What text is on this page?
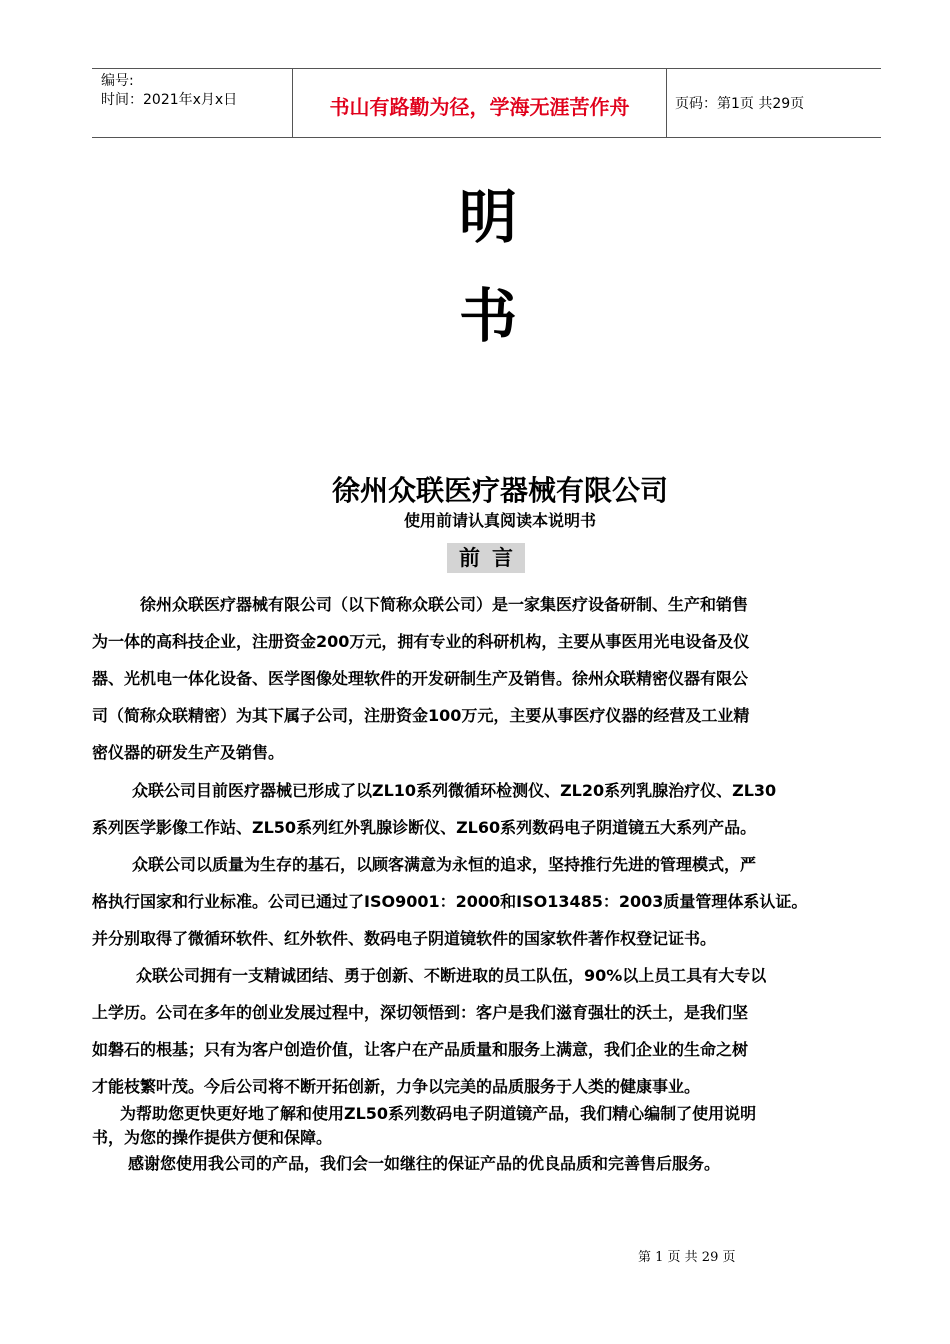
编号:
时间：2021年x月x日	书山有路勤为径，学海无涯苦作舟	页码：第1页 共29页
明
书
徐州众联医疗器械有限公司
使用前请认真阅读本说明书
前言
徐州众联医疗器械有限公司（以下简称众联公司）是一家集医疗设备研制、生产和销售
为一体的高科技企业，注册资金200万元，拥有专业的科研机构，主要从事医用光电设备及仪
器、光机电一体化设备、医学图像处理软件的开发研制生产及销售。徐州众联精密仪器有限公
司（简称众联精密）为其下属子公司，注册资金100万元，主要从事医疗仪器的经营及工业精
密仪器的研发生产及销售。
众联公司目前医疗器械已形成了以ZL10系列微循环检测仪、ZL20系列乳腺治疗仪、ZL30
系列医学影像工作站、ZL50系列红外乳腺诊断仪、ZL60系列数码电子阴道镜五大系列产品。
众联公司以质量为生存的基石，以顾客满意为永恒的追求，坚持推行先进的管理模式，严
格执行国家和行业标准。公司已通过了ISO9001：2000和ISO13485：2003质量管理体系认证。
并分别取得了微循环软件、红外软件、数码电子阴道镜软件的国家软件著作权登记证书。
众联公司拥有一支精诚团结、勇于创新、不断进取的员工队伍，90%以上员工具有大专以
上学历。公司在多年的创业发展过程中，深切领悟到：客户是我们滋育强壮的沃土，是我们坚
如磐石的根基；只有为客户创造价值，让客户在产品质量和服务上满意，我们企业的生命之树
才能枝繁叶茂。今后公司将不断开拓创新，力争以完美的品质服务于人类的健康事业。
为帮助您更快更好地了解和使用ZL50系列数码电子阴道镜产品，我们精心编制了使用说明
书，为您的操作提供方便和保障。
感谢您使用我公司的产品，我们会一如继往的保证产品的优良品质和完善售后服务。
第 1 页 共 29 页
